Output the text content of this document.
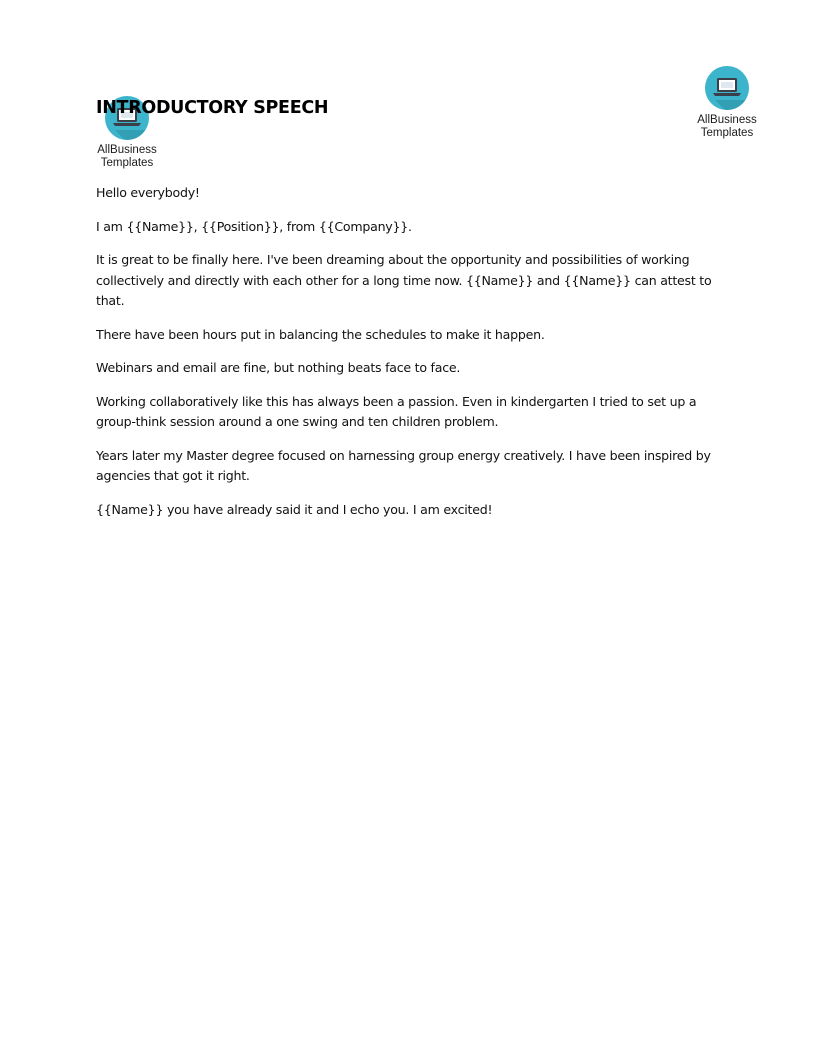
AllBusiness
Templates
AllBusiness
Templates
INTRODUCTORY SPEECH

Hello everybody!

I am {{Name}}, {{Position}}, from {{Company}}.

It is great to be finally here. I've been dreaming about the opportunity and possibilities of working collectively and directly with each other for a long time now. {{Name}} and {{Name}} can attest to that.

There have been hours put in balancing the schedules to make it happen.

Webinars and email are fine, but nothing beats face to face.

Working collaboratively like this has always been a passion. Even in kindergarten I tried to set up a group-think session around a one swing and ten children problem.

Years later my Master degree focused on harnessing group energy creatively. I have been inspired by agencies that got it right.

{{Name}} you have already said it and I echo you. I am excited!
